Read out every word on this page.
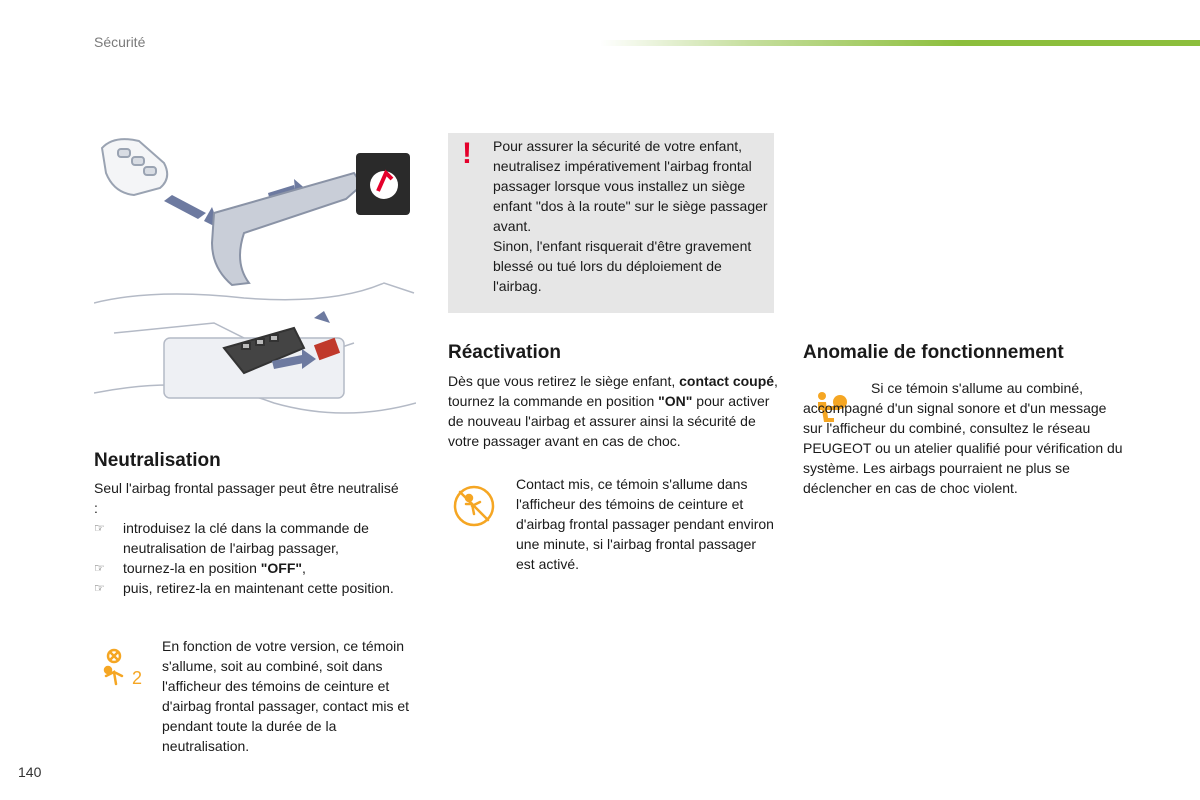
Sécurité
Neutralisation

Seul l'airbag frontal passager peut être neutralisé :

☞ introduisez la clé dans la commande de neutralisation de l'airbag passager,
☞ tournez-la en position "OFF",
☞ puis, retirez-la en maintenant cette position.
2
En fonction de votre version, ce témoin s'allume, soit au combiné, soit dans l'afficheur des témoins de ceinture et d'airbag frontal passager, contact mis et pendant toute la durée de la neutralisation.
! Pour assurer la sécurité de votre enfant, neutralisez impérativement l'airbag frontal passager lorsque vous installez un siège enfant "dos à la route" sur le siège passager avant.

Sinon, l'enfant risquerait d'être gravement blessé ou tué lors du déploiement de l'airbag.

Réactivation
Dès que vous retirez le siège enfant, contact coupé, tournez la commande en position "ON" pour activer de nouveau l'airbag et assurer ainsi la sécurité de votre passager avant en cas de choc.
Contact mis, ce témoin s'allume dans l'afficheur des témoins de ceinture et d'airbag frontal passager pendant environ une minute, si l'airbag frontal passager est activé.
Anomalie de fonctionnement

Si ce témoin s'allume au combiné, accompagné d'un signal sonore et d'un message sur l'afficheur du combiné, consultez le réseau PEUGEOT ou un atelier qualifié pour vérification du système. Les airbags pourraient ne plus se déclencher en cas de choc violent.

140
